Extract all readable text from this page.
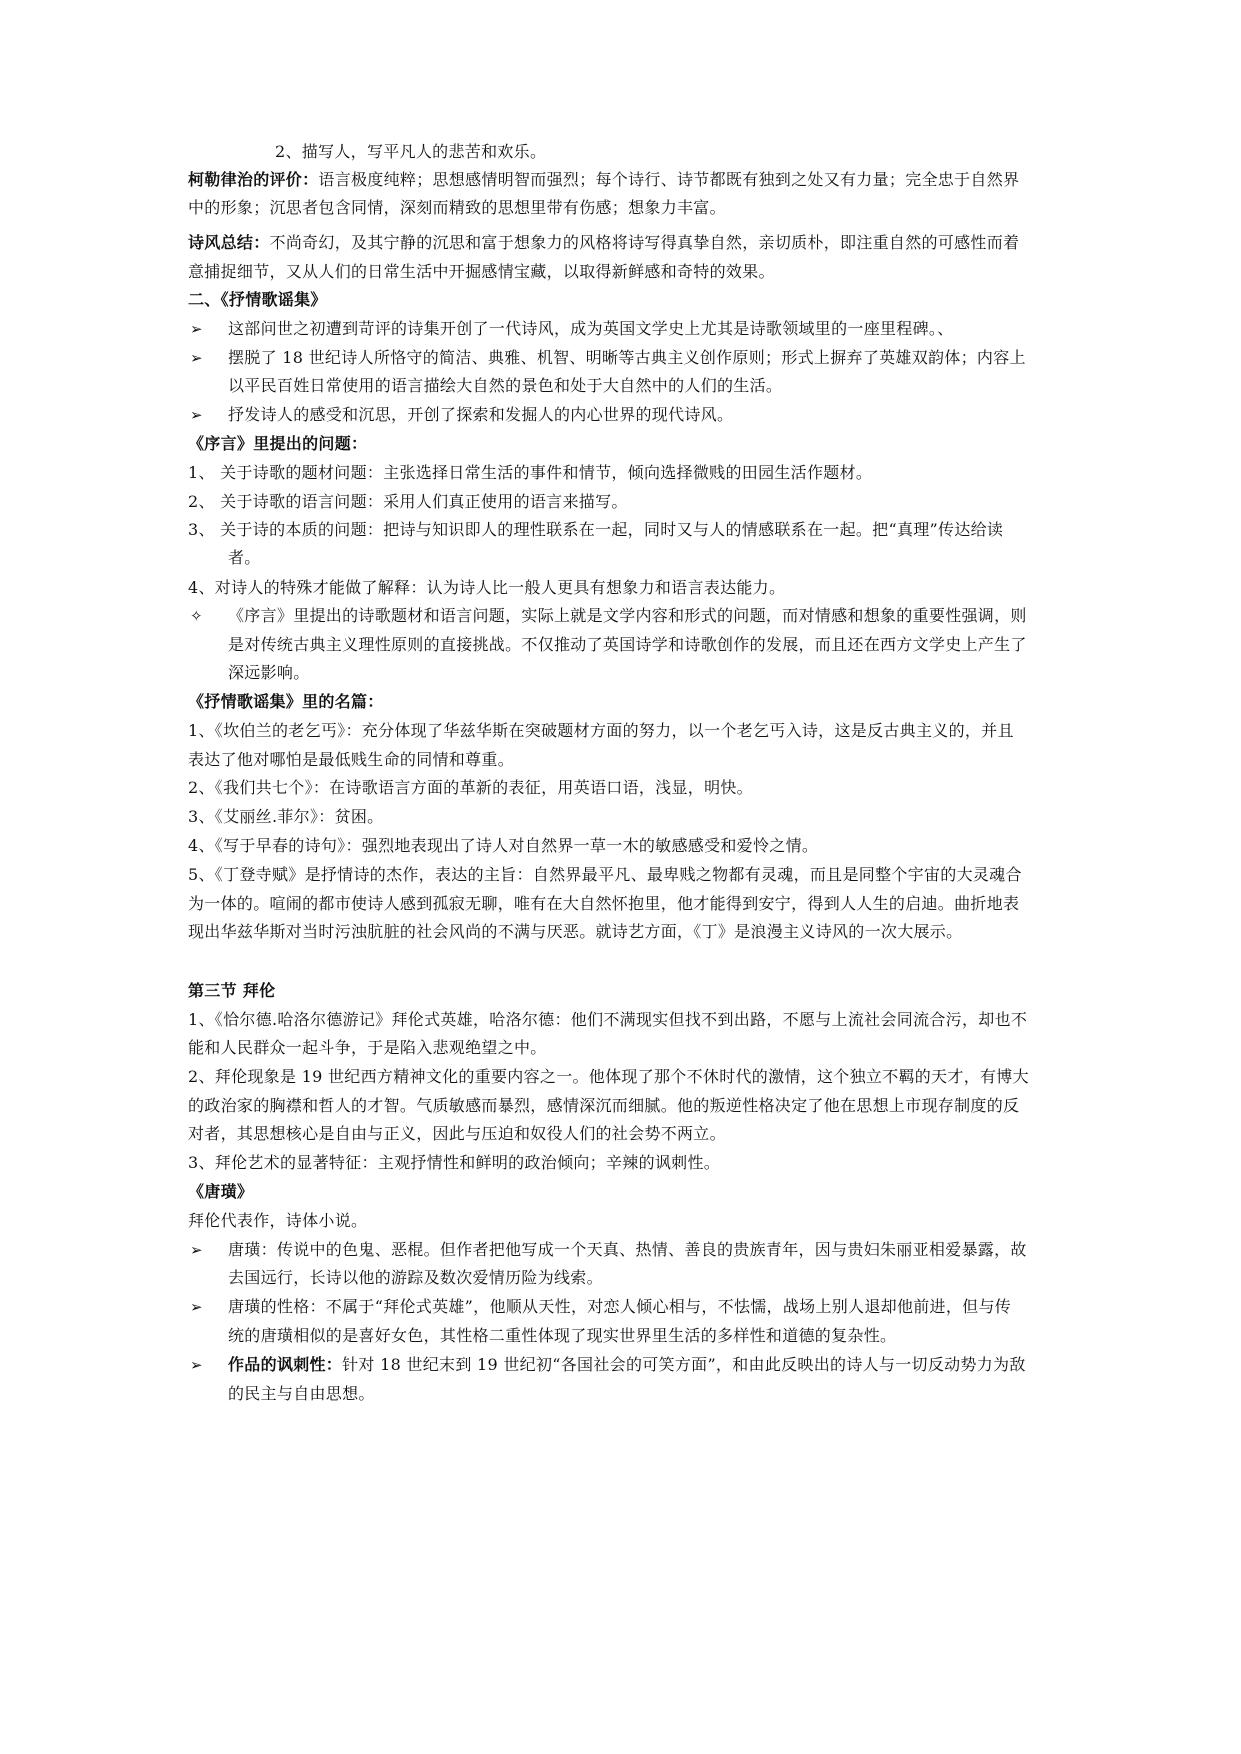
2、描写人，写平凡人的悲苦和欢乐。
柯勒律治的评价：语言极度纯粹；思想感情明智而强烈；每个诗行、诗节都既有独到之处又有力量；完全忠于自然界
中的形象；沉思者包含同情，深刻而精致的思想里带有伤感；想象力丰富。
诗风总结：不尚奇幻，及其宁静的沉思和富于想象力的风格将诗写得真挚自然，亲切质朴，即注重自然的可感性而着
意捕捉细节，又从人们的日常生活中开掘感情宝藏，以取得新鲜感和奇特的效果。
二、《抒情歌谣集》
➢	这部问世之初遭到苛评的诗集开创了一代诗风，成为英国文学史上尤其是诗歌领域里的一座里程碑。、
➢	摆脱了 18 世纪诗人所恪守的简洁、典雅、机智、明晰等古典主义创作原则；形式上摒弃了英雄双韵体；内容上
以平民百姓日常使用的语言描绘大自然的景色和处于大自然中的人们的生活。
➢	抒发诗人的感受和沉思，开创了探索和发掘人的内心世界的现代诗风。
《序言》里提出的问题：
1、 关于诗歌的题材问题：主张选择日常生活的事件和情节，倾向选择微贱的田园生活作题材。
2、 关于诗歌的语言问题：采用人们真正使用的语言来描写。
3、 关于诗的本质的问题：把诗与知识即人的理性联系在一起，同时又与人的情感联系在一起。把“真理”传达给读
者。
4、对诗人的特殊才能做了解释：认为诗人比一般人更具有想象力和语言表达能力。
✧	《序言》里提出的诗歌题材和语言问题，实际上就是文学内容和形式的问题，而对情感和想象的重要性强调，则
是对传统古典主义理性原则的直接挑战。不仅推动了英国诗学和诗歌创作的发展，而且还在西方文学史上产生了
深远影响。
《抒情歌谣集》里的名篇：
1、《坎伯兰的老乞丐》：充分体现了华兹华斯在突破题材方面的努力，以一个老乞丐入诗，这是反古典主义的，并且
表达了他对哪怕是最低贱生命的同情和尊重。
2、《我们共七个》：在诗歌语言方面的革新的表征，用英语口语，浅显，明快。
3、《艾丽丝.菲尔》：贫困。
4、《写于早春的诗句》：强烈地表现出了诗人对自然界一草一木的敏感感受和爱怜之情。
5、《丁登寺赋》是抒情诗的杰作，表达的主旨：自然界最平凡、最卑贱之物都有灵魂，而且是同整个宇宙的大灵魂合
为一体的。喧闹的都市使诗人感到孤寂无聊，唯有在大自然怀抱里，他才能得到安宁，得到人人生的启迪。曲折地表
现出华兹华斯对当时污浊肮脏的社会风尚的不满与厌恶。就诗艺方面，《丁》是浪漫主义诗风的一次大展示。
第三节 拜伦
1、《恰尔德.哈洛尔德游记》拜伦式英雄，哈洛尔德：他们不满现实但找不到出路，不愿与上流社会同流合污，却也不
能和人民群众一起斗争，于是陷入悲观绝望之中。
2、拜伦现象是 19 世纪西方精神文化的重要内容之一。他体现了那个不休时代的激情，这个独立不羁的天才，有博大
的政治家的胸襟和哲人的才智。气质敏感而暴烈，感情深沉而细腻。他的叛逆性格决定了他在思想上市现存制度的反
对者，其思想核心是自由与正义，因此与压迫和奴役人们的社会势不两立。
3、拜伦艺术的显著特征：主观抒情性和鲜明的政治倾向；辛辣的讽刺性。
《唐璜》
拜伦代表作，诗体小说。
➢	唐璜：传说中的色鬼、恶棍。但作者把他写成一个天真、热情、善良的贵族青年，因与贵妇朱丽亚相爱暴露，故
去国远行，长诗以他的游踪及数次爱情历险为线索。
➢	唐璜的性格：不属于“拜伦式英雄”，他顺从天性，对恋人倾心相与，不怯懦，战场上别人退却他前进，但与传
统的唐璜相似的是喜好女色，其性格二重性体现了现实世界里生活的多样性和道德的复杂性。
➢	作品的讽刺性：针对 18 世纪末到 19 世纪初“各国社会的可笑方面”，和由此反映出的诗人与一切反动势力为敌
的民主与自由思想。
